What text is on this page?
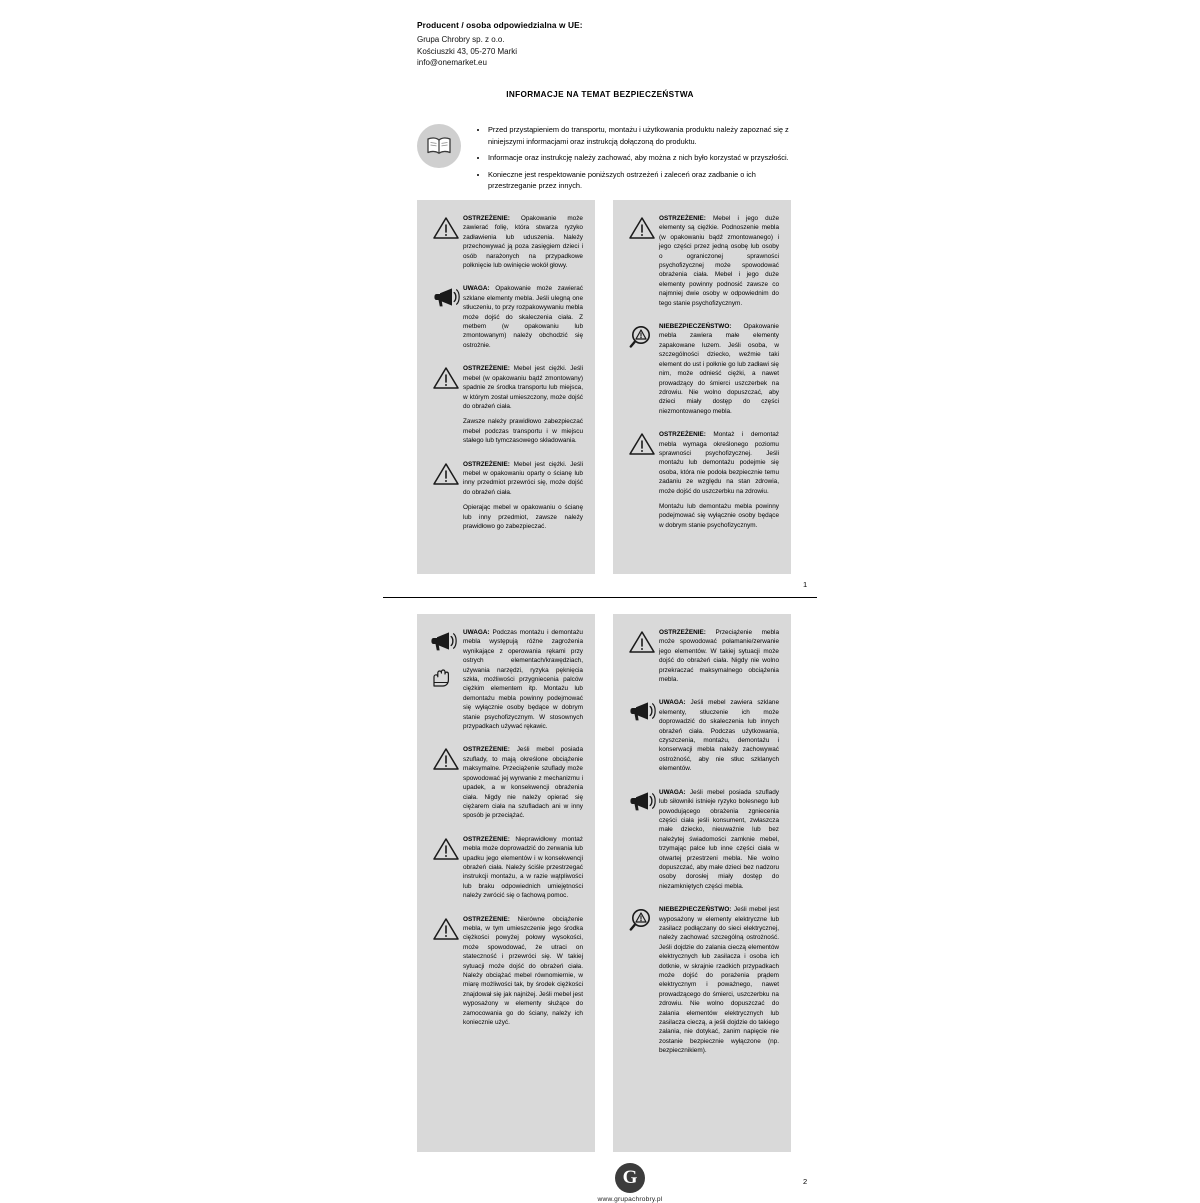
Producent / osoba odpowiedzialna w UE:
Grupa Chrobry sp. z o.o.
Kościuszki 43, 05-270 Marki
info@onemarket.eu
INFORMACJE NA TEMAT BEZPIECZEŃSTWA
• Przed przystąpieniem do transportu, montażu i użytkowania produktu należy zapoznać się z niniejszymi informacjami oraz instrukcją dołączoną do produktu.
• Informacje oraz instrukcję należy zachować, aby można z nich było korzystać w przyszłości.
• Konieczne jest respektowanie poniższych ostrzeżeń i zaleceń oraz zadbanie o ich przestrzeganie przez innych.

OSTRZEŻENIE: Opakowanie może zawierać folię, która stwarza ryzyko zadławienia lub uduszenia. Należy przechowywać ją poza zasięgiem dzieci i osób narażonych na przypadkowe połknięcie lub owinięcie wokół głowy.

UWAGA: Opakowanie może zawierać szklane elementy mebla. Jeśli ulegną one stłuczeniu, to przy rozpakowywaniu mebla może dojść do skaleczenia ciała. Z metbem (w opakowaniu lub zmontowanym) należy obchodzić się ostrożnie.

OSTRZEŻENIE: Mebel jest ciężki. Jeśli mebel (w opakowaniu bądź zmontowany) spadnie ze środka transportu lub miejsca, w którym został umieszczony, może dojść do obrażeń ciała.

Zawsze należy prawidłowo zabezpieczać mebel podczas transportu i w miejscu stałego lub tymczasowego składowania.

OSTRZEŻENIE: Mebel jest ciężki. Jeśli mebel w opakowaniu oparty o ścianę lub inny przedmiot przewróci się, może dojść do obrażeń ciała.

Opierając mebel w opakowaniu o ścianę lub inny przedmiot, zawsze należy prawidłowo go zabezpieczać.

OSTRZEŻENIE: Mebel i jego duże elementy są ciężkie. Podnoszenie mebla (w opakowaniu bądź zmontowanego) i jego części przez jedną osobę lub osoby o ograniczonej sprawności psychofizycznej może spowodować obrażenia ciała. Mebel i jego duże elementy powinny podnosić zawsze co najmniej dwie osoby w odpowiednim do tego stanie psychofizycznym.

NIEBEZPIECZEŃSTWO: Opakowanie mebla zawiera małe elementy zapakowane luzem. Jeśli osoba, w szczególności dziecko, weźmie taki element do ust i połknie go lub zadławi się nim, może odnieść ciężki, a nawet prowadzący do śmierci uszczerbek na zdrowiu. Nie wolno dopuszczać, aby dzieci miały dostęp do części niezmontowanego mebla.

OSTRZEŻENIE: Montaż i demontaż mebla wymaga określonego poziomu sprawności psychofizycznej. Jeśli montażu lub demontażu podejmie się osoba, która nie podoła bezpiecznie temu zadaniu ze względu na stan zdrowia, może dojść do uszczerbku na zdrowiu.

Montażu lub demontażu mebla powinny podejmować się wyłącznie osoby będące w dobrym stanie psychofizycznym.

UWAGA: Podczas montażu i demontażu mebla występują różne zagrożenia wynikające z operowania rękami przy ostrych elementach/krawędziach, używania narzędzi, ryzyka pęknięcia szkła, możliwości przygniecenia palców ciężkim elementem itp. Montażu lub demontażu mebla powinny podejmować się wyłącznie osoby będące w dobrym stanie psychofizycznym. W stosownych przypadkach używać rękawic.

OSTRZEŻENIE: Jeśli mebel posiada szuflady, to mają określone obciążenie maksymalne. Przeciążenie szuflady może spowodować jej wyrwanie z mechanizmu i upadek, a w konsekwencji obrażenia ciała. Nigdy nie należy opierać się ciężarem ciała na szufladach ani w inny sposób je przeciążać.

OSTRZEŻENIE: Nieprawidłowy montaż mebla może doprowadzić do zerwania lub upadku jego elementów i w konsekwencji obrażeń ciała. Należy ściśle przestrzegać instrukcji montażu, a w razie wątpliwości lub braku odpowiednich umiejętności należy zwrócić się o fachową pomoc.

OSTRZEŻENIE: Nierówne obciążenie mebla, w tym umieszczenie jego środka ciężkości powyżej połowy wysokości, może spowodować, że utraci on stateczność i przewróci się. W takiej sytuacji może dojść do obrażeń ciała. Należy obciążać mebel równomiernie, w miarę możliwości tak, by środek ciężkości znajdował się jak najniżej. Jeśli mebel jest wyposażony w elementy służące do zamocowania go do ściany, należy ich koniecznie użyć.

OSTRZEŻENIE: Przeciążenie mebla może spowodować połamanie/zerwanie jego elementów. W takiej sytuacji może dojść do obrażeń ciała. Nigdy nie wolno przekraczać maksymalnego obciążenia mebla.

UWAGA: Jeśli mebel zawiera szklane elementy, stłuczenie ich może doprowadzić do skaleczenia lub innych obrażeń ciała. Podczas użytkowania, czyszczenia, montażu, demontażu i konserwacji mebla należy zachowywać ostrożność, aby nie stłuc szklanych elementów.

UWAGA: Jeśli mebel posiada szuflady lub siłowniki istnieje ryzyko bolesnego lub powodującego obrażenia zgniecenia części ciała jeśli konsument, zwłaszcza małe dziecko, nieuważnie lub bez należytej świadomości zamknie mebel, trzymając palce lub inne części ciała w otwartej przestrzeni mebla. Nie wolno dopuszczać, aby małe dzieci bez nadzoru osoby dorosłej miały dostęp do niezamkniętych części mebla.

NIEBEZPIECZEŃSTWO: Jeśli mebel jest wyposażony w elementy elektryczne lub zasilacz podłączany do sieci elektrycznej, należy zachować szczególną ostrożność. Jeśli dojdzie do zalania cieczą elementów elektrycznych lub zasilacza i osoba ich dotknie, w skrajnie rzadkich przypadkach może dojść do porażenia prądem elektrycznym i poważnego, nawet prowadzącego do śmierci, uszczerbku na zdrowiu. Nie wolno dopuszczać do zalania elementów elektrycznych lub zasilacza cieczą, a jeśli dojdzie do takiego zalania, nie dotykać, zanim napięcie nie zostanie bezpiecznie wyłączone (np. bezpiecznikiem).

1
2
G
www.grupachrobry.pl
